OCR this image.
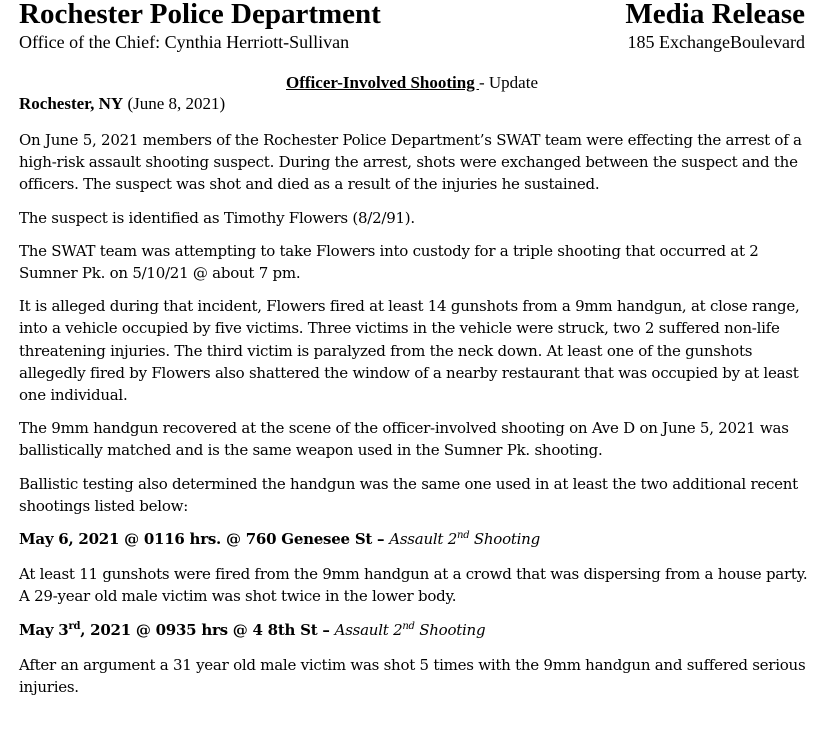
Rochester Police Department	Media Release
Office of the Chief: Cynthia Herriott-Sullivan	185 ExchangeBoulevard
Officer-Involved Shooting - Update
Rochester, NY (June 8, 2021)

On June 5, 2021 members of the Rochester Police Department’s SWAT team were effecting the arrest of a high-risk assault shooting suspect. During the arrest, shots were exchanged between the suspect and the officers. The suspect was shot and died as a result of the injuries he sustained.

The suspect is identified as Timothy Flowers (8/2/91).

The SWAT team was attempting to take Flowers into custody for a triple shooting that occurred at 2 Sumner Pk. on 5/10/21 @ about 7 pm.

It is alleged during that incident, Flowers fired at least 14 gunshots from a 9mm handgun, at close range, into a vehicle occupied by five victims. Three victims in the vehicle were struck, two 2 suffered non-life threatening injuries. The third victim is paralyzed from the neck down. At least one of the gunshots allegedly fired by Flowers also shattered the window of a nearby restaurant that was occupied by at least one individual.

The 9mm handgun recovered at the scene of the officer-involved shooting on Ave D on June 5, 2021 was ballistically matched and is the same weapon used in the Sumner Pk. shooting.

Ballistic testing also determined the handgun was the same one used in at least the two additional recent shootings listed below:

May 6, 2021 @ 0116 hrs. @ 760 Genesee St – Assault 2nd Shooting

At least 11 gunshots were fired from the 9mm handgun at a crowd that was dispersing from a house party. A 29-year old male victim was shot twice in the lower body.

May 3rd, 2021 @ 0935 hrs @ 4 8th St – Assault 2nd Shooting

After an argument a 31 year old male victim was shot 5 times with the 9mm handgun and suffered serious injuries.
